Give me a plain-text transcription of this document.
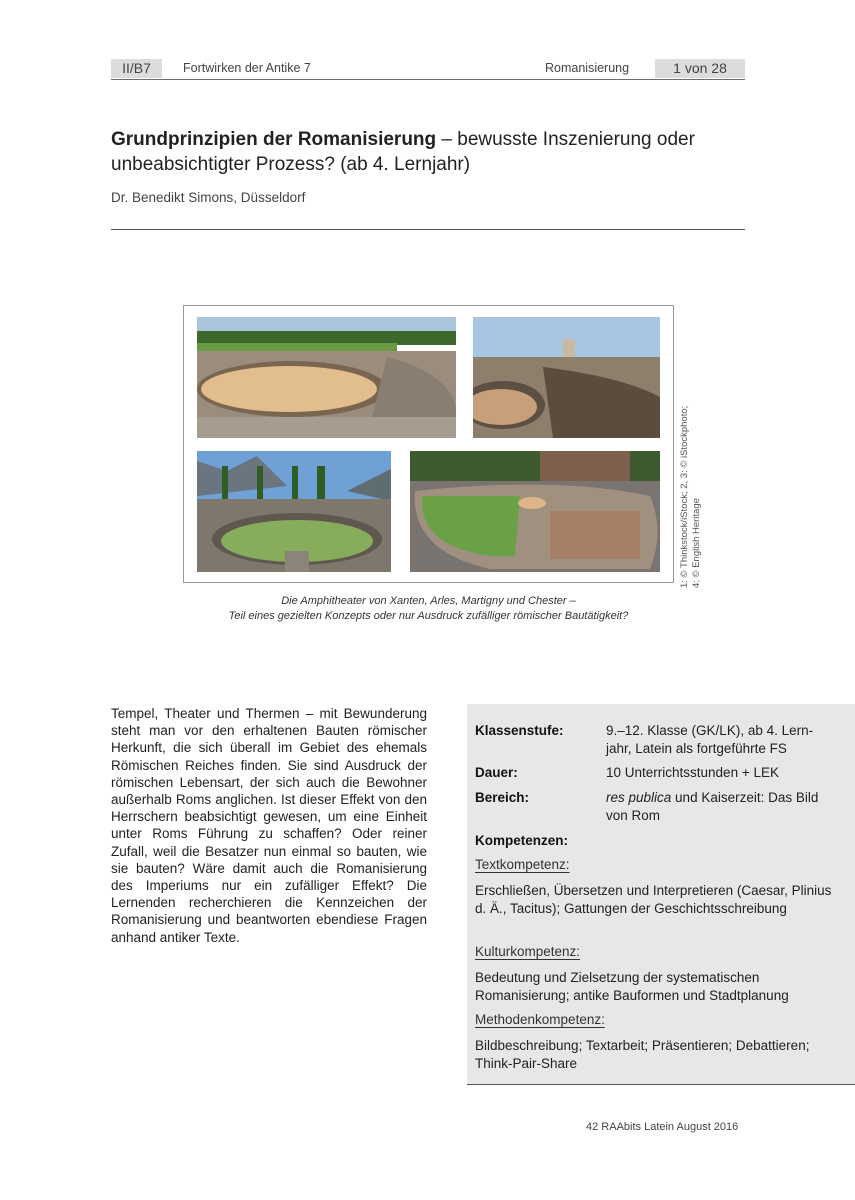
II/B7	Fortwirken der Antike 7	Romanisierung	1 von 28
Grundprinzipien der Romanisierung – bewusste Inszenierung oder unbeabsichtigter Prozess? (ab 4. Lernjahr)
Dr. Benedikt Simons, Düsseldorf
1: © Thinkstock/iStock; 2, 3: © iStockphoto; 4: © English Heritage
Die Amphitheater von Xanten, Arles, Martigny und Chester –
Teil eines gezielten Konzepts oder nur Ausdruck zufälliger römischer Bautätigkeit?
Tempel, Theater und Thermen – mit Bewunderung steht man vor den erhaltenen Bauten römischer Herkunft, die sich überall im Gebiet des ehemals Römischen Reiches finden. Sie sind Ausdruck der römischen Lebensart, der sich auch die Bewohner außerhalb Roms anglichen. Ist dieser Effekt von den Herrschern beabsichtigt gewesen, um eine Einheit unter Roms Führung zu schaffen? Oder reiner Zufall, weil die Besatzer nun einmal so bauten, wie sie bauten? Wäre damit auch die Romanisierung des Imperiums nur ein zufälliger Effekt? Die Lernenden recherchieren die Kennzeichen der Romanisierung und beantworten ebendiese Fragen anhand antiker Texte.
Klassenstufe:	9.–12. Klasse (GK/LK), ab 4. Lern-jahr, Latein als fortgeführte FS
Dauer:	10 Unterrichtsstunden + LEK
Bereich:	res publica und Kaiserzeit: Das Bild von Rom
Kompetenzen:
Textkompetenz:
Erschließen, Übersetzen und Interpretieren (Caesar, Plinius d. Ä., Tacitus); Gattungen der Geschichtsschreibung
Kulturkompetenz:
Bedeutung und Zielsetzung der systematischen Romanisierung; antike Bauformen und Stadtplanung
Methodenkompetenz:
Bildbeschreibung; Textarbeit; Präsentieren; Debattieren; Think-Pair-Share
42 RAAbits Latein August 2016
